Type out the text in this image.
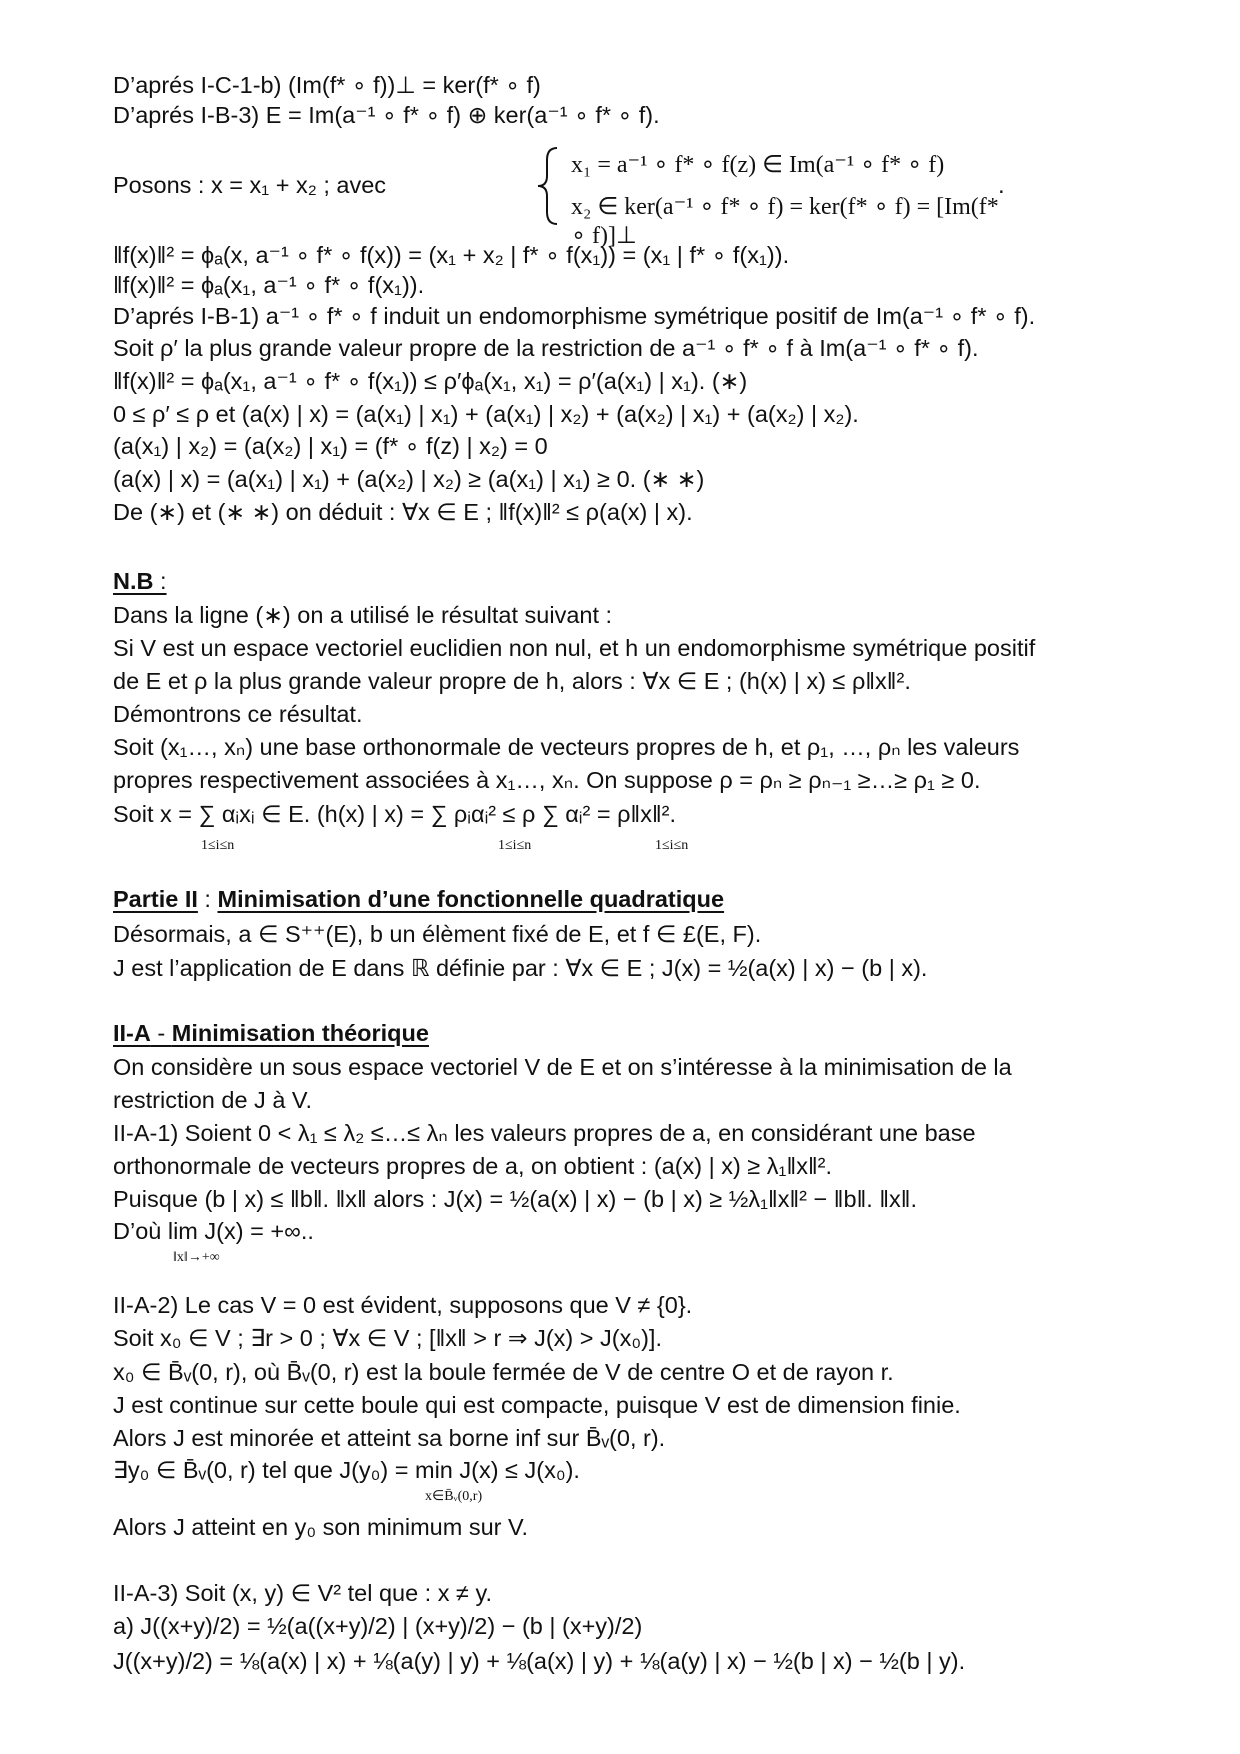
D’aprés I-C-1-b) (Im(f* ∘ f))⊥ = ker(f* ∘ f)
D’aprés I-B-3) E = Im(a⁻¹ ∘ f* ∘ f) ⊕ ker(a⁻¹ ∘ f* ∘ f).
Posons : x = x₁ + x₂ ; avec
x₁ = a⁻¹ ∘ f* ∘ f(z) ∈ Im(a⁻¹ ∘ f* ∘ f)
x₂ ∈ ker(a⁻¹ ∘ f* ∘ f) = ker(f* ∘ f) = [Im(f* ∘ f)]⊥
.
‖f(x)‖² = ϕₐ(x, a⁻¹ ∘ f* ∘ f(x)) = (x₁ + x₂ | f* ∘ f(x₁)) = (x₁ | f* ∘ f(x₁)).
‖f(x)‖² = ϕₐ(x₁, a⁻¹ ∘ f* ∘ f(x₁)).
D’aprés I-B-1) a⁻¹ ∘ f* ∘ f induit un endomorphisme symétrique positif de Im(a⁻¹ ∘ f* ∘ f).
Soit ρ′ la plus grande valeur propre de la restriction de a⁻¹ ∘ f* ∘ f à Im(a⁻¹ ∘ f* ∘ f).
‖f(x)‖² = ϕₐ(x₁, a⁻¹ ∘ f* ∘ f(x₁)) ≤ ρ′ϕₐ(x₁, x₁) = ρ′(a(x₁) | x₁). (∗)
0 ≤ ρ′ ≤ ρ et (a(x) | x) = (a(x₁) | x₁) + (a(x₁) | x₂) + (a(x₂) | x₁) + (a(x₂) | x₂).
(a(x₁) | x₂) = (a(x₂) | x₁) = (f* ∘ f(z) | x₂) = 0
(a(x) | x) = (a(x₁) | x₁) + (a(x₂) | x₂) ≥ (a(x₁) | x₁) ≥ 0. (∗ ∗)
De (∗) et (∗ ∗) on déduit : ∀x ∈ E ; ‖f(x)‖² ≤ ρ(a(x) | x).
N.B :
Dans la ligne (∗) on a utilisé le résultat suivant :
Si V est un espace vectoriel euclidien non nul, et h un endomorphisme symétrique positif
de E et ρ la plus grande valeur propre de h, alors : ∀x ∈ E ; (h(x) | x) ≤ ρ‖x‖².
Démontrons ce résultat.
Soit (x₁…, xₙ) une base orthonormale de vecteurs propres de h, et ρ₁, …, ρₙ les valeurs
propres respectivement associées à x₁…, xₙ. On suppose ρ = ρₙ ≥ ρₙ₋₁ ≥…≥ ρ₁ ≥ 0.
Soit x = ∑ αᵢxᵢ ∈ E. (h(x) | x) = ∑ ρᵢαᵢ² ≤ ρ ∑ αᵢ² = ρ‖x‖².
1≤i≤n	1≤i≤n	1≤i≤n
Partie II : Minimisation d’une fonctionnelle quadratique
Désormais, a ∈ S⁺⁺(E), b un élèment fixé de E, et f ∈ £(E, F).
J est l’application de E dans ℝ définie par : ∀x ∈ E ; J(x) = ½(a(x) | x) − (b | x).
II-A - Minimisation théorique
On considère un sous espace vectoriel V de E et on s’intéresse à la minimisation de la
restriction de J à V.
II-A-1) Soient 0 < λ₁ ≤ λ₂ ≤…≤ λₙ les valeurs propres de a, en considérant une base
orthonormale de vecteurs propres de a, on obtient : (a(x) | x) ≥ λ₁‖x‖².
Puisque (b | x) ≤ ‖b‖. ‖x‖ alors : J(x) = ½(a(x) | x) − (b | x) ≥ ½λ₁‖x‖² − ‖b‖. ‖x‖.
D’où lim J(x) = +∞..
‖x‖→+∞
II-A-2) Le cas V = 0 est évident, supposons que V ≠ {0}.
Soit x₀ ∈ V ; ∃r > 0 ; ∀x ∈ V ; [‖x‖ > r ⇒ J(x) > J(x₀)].
x₀ ∈ B̄ᵥ(0, r), où B̄ᵥ(0, r) est la boule fermée de V de centre O et de rayon r.
J est continue sur cette boule qui est compacte, puisque V est de dimension finie.
Alors J est minorée et atteint sa borne inf sur B̄ᵥ(0, r).
∃y₀ ∈ B̄ᵥ(0, r) tel que J(y₀) = min J(x) ≤ J(x₀).
x∈B̄ᵥ(0,r)
Alors J atteint en y₀ son minimum sur V.
II-A-3) Soit (x, y) ∈ V² tel que : x ≠ y.
a) J((x+y)/2) = ½(a((x+y)/2) | (x+y)/2) − (b | (x+y)/2)
J((x+y)/2) = ⅛(a(x) | x) + ⅛(a(y) | y) + ⅛(a(x) | y) + ⅛(a(y) | x) − ½(b | x) − ½(b | y).
